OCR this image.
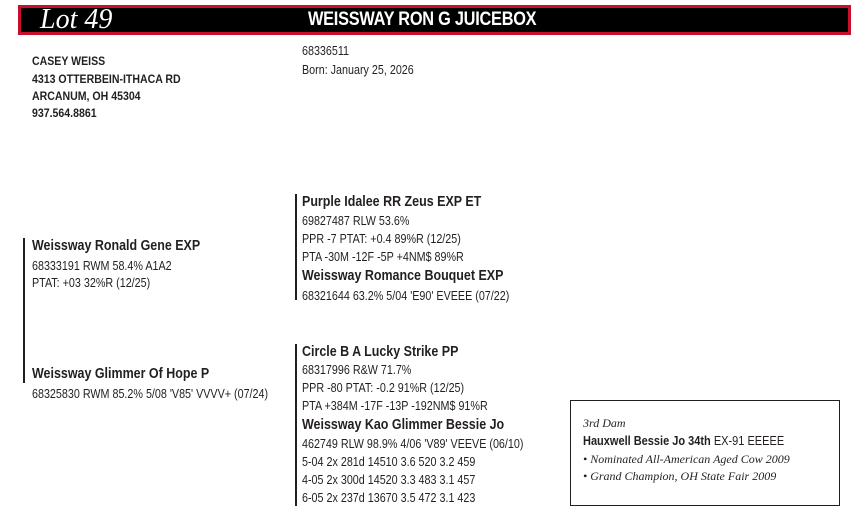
Lot 49	WEISSWAY RON G JUICEBOX
CASEY WEISS
4313 OTTERBEIN-ITHACA RD
ARCANUM, OH 45304
937.564.8861
68336511
Born: January 25, 2026
Weissway Ronald Gene EXP
68333191 RWM 58.4% A1A2
PTAT: +03 32%R (12/25)
Weissway Glimmer Of Hope P
68325830 RWM 85.2% 5/08 'V85' VVVV+ (07/24)
Purple Idalee RR Zeus EXP ET
69827487 RLW 53.6%
PPR -7 PTAT: +0.4 89%R (12/25)
PTA -30M -12F -5P +4NM$ 89%R
Weissway Romance Bouquet EXP
68321644 63.2% 5/04 'E90' EVEEE (07/22)
Circle B A Lucky Strike PP
68317996 R&W 71.7%
PPR -80 PTAT: -0.2 91%R (12/25)
PTA +384M -17F -13P -192NM$ 91%R
Weissway Kao Glimmer Bessie Jo
462749 RLW 98.9% 4/06 'V89' VEEVE (06/10)
5-04 2x 281d 14510 3.6 520 3.2 459
4-05 2x 300d 14520 3.3 483 3.1 457
6-05 2x 237d 13670 3.5 472 3.1 423
3rd Dam
Hauxwell Bessie Jo 34th EX-91 EEEEE
• Nominated All-American Aged Cow 2009
• Grand Champion, OH State Fair 2009
